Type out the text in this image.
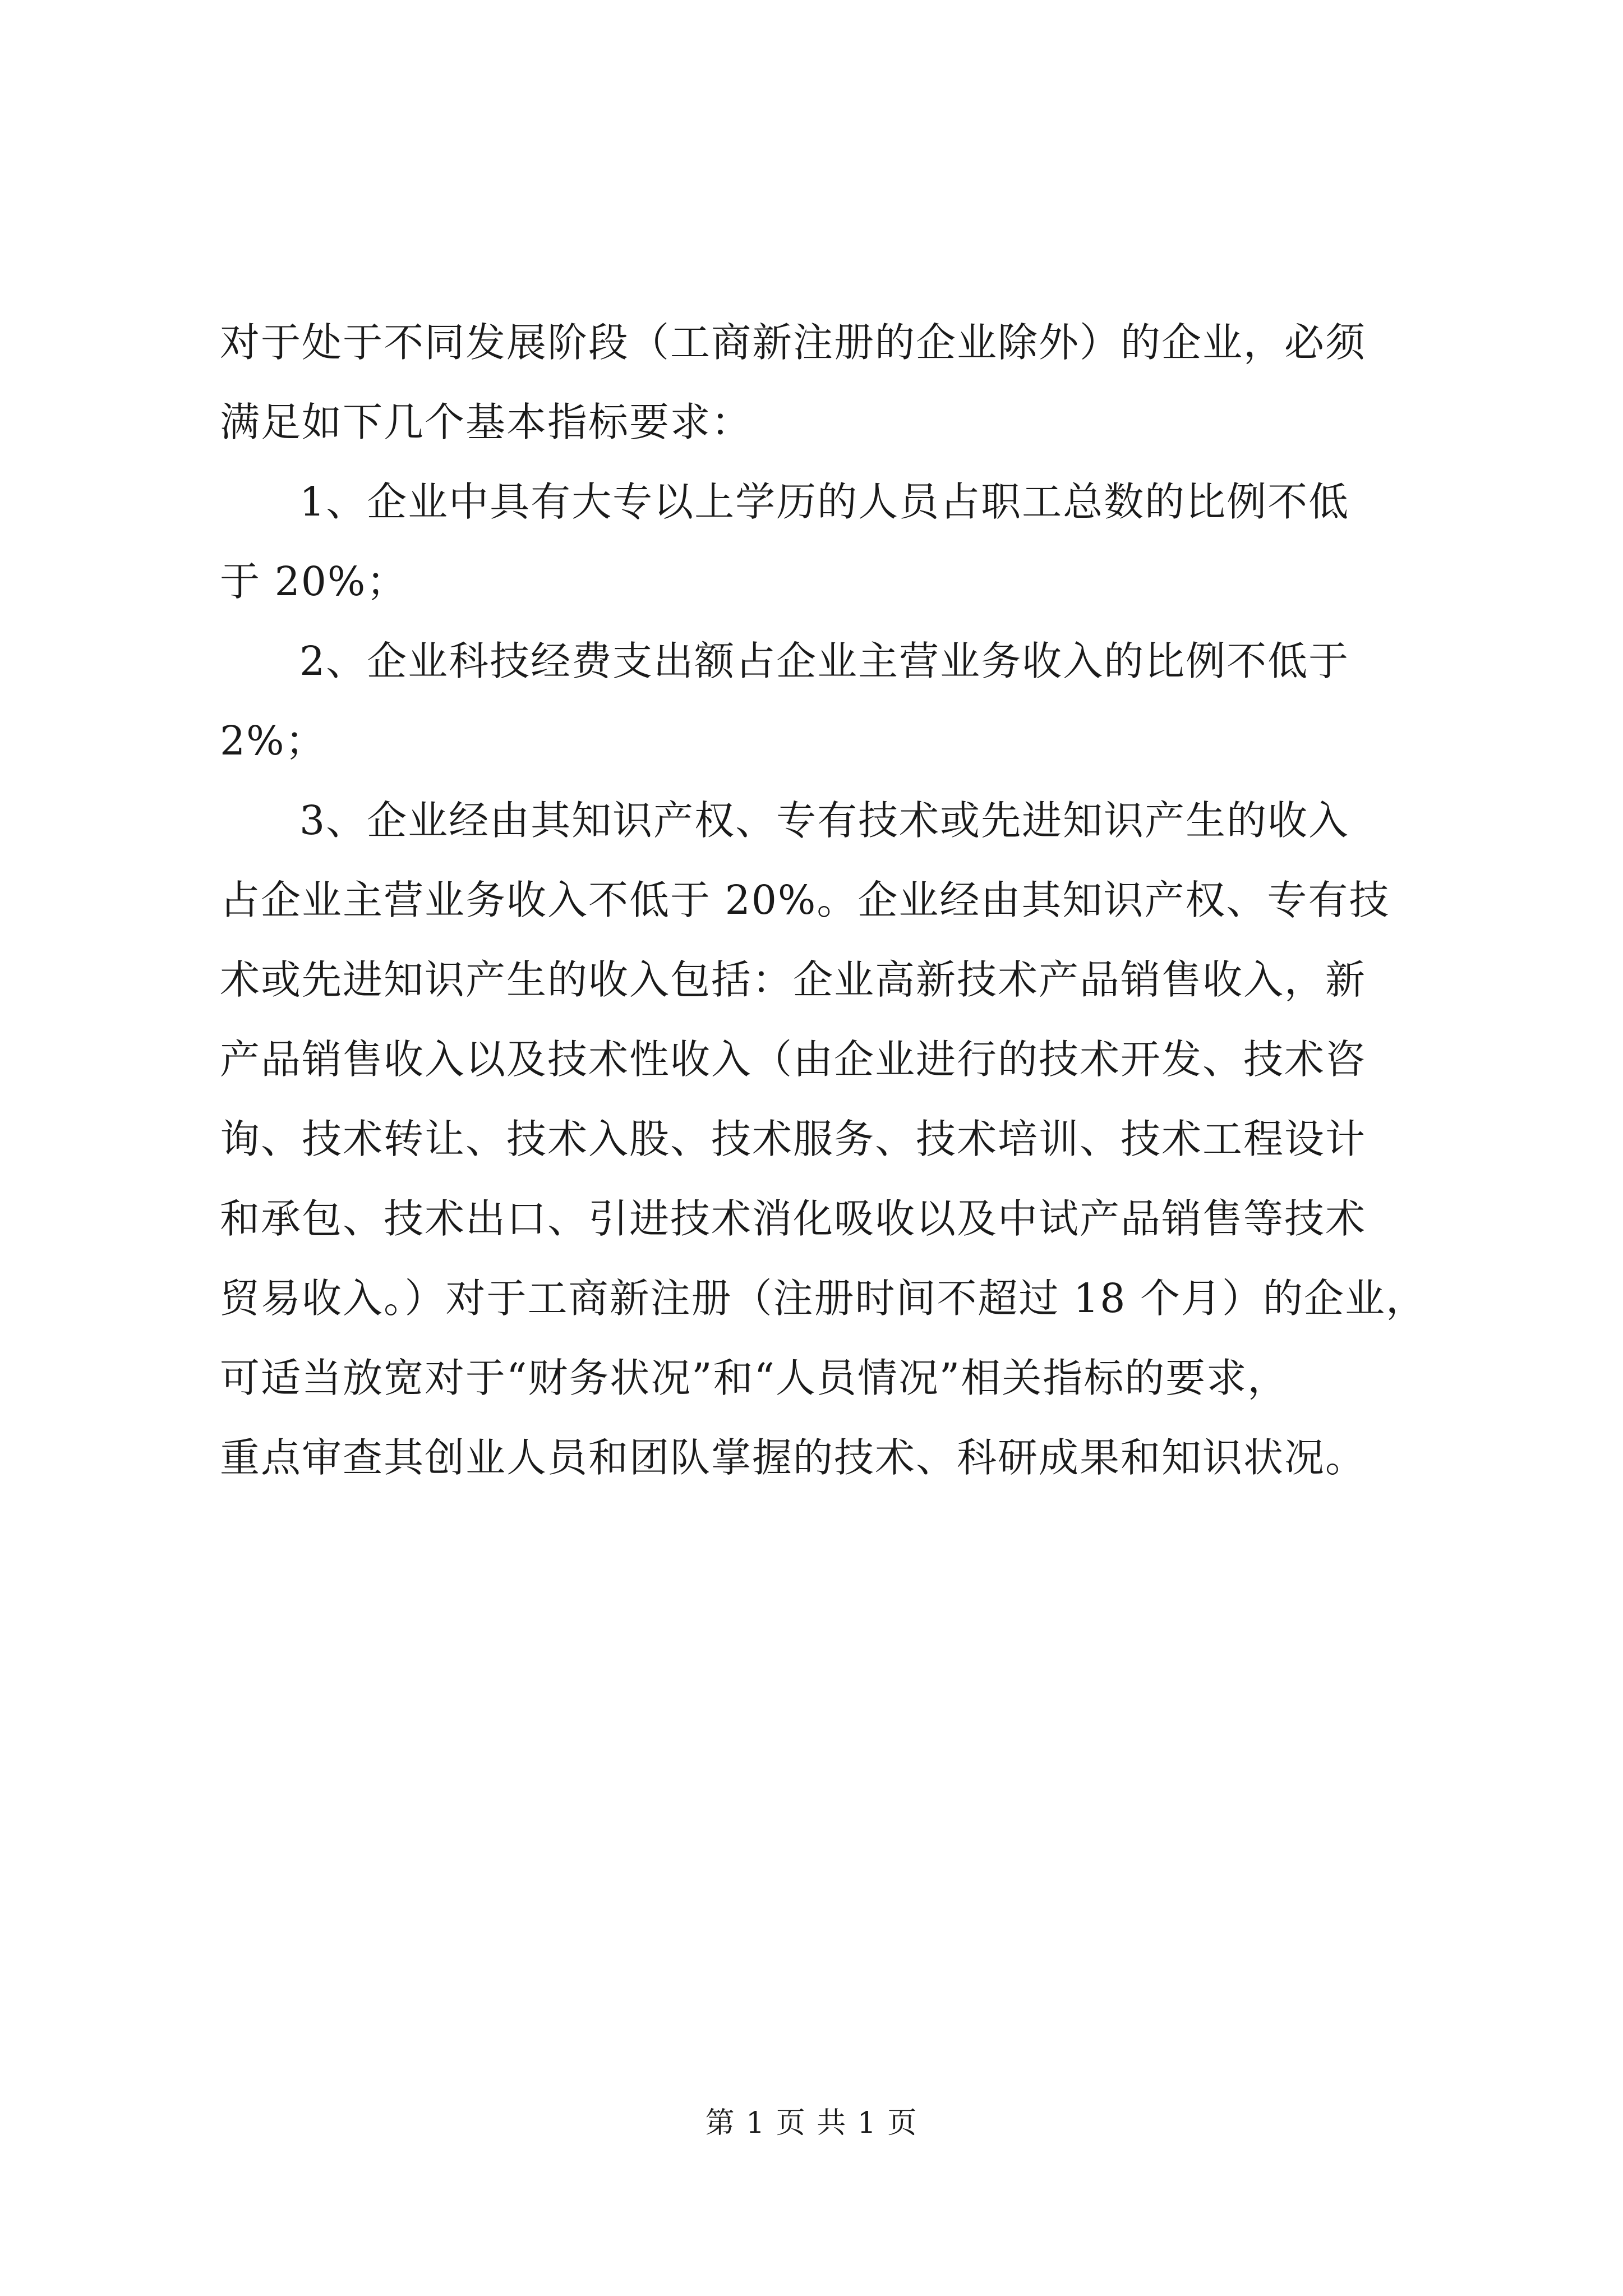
对于处于不同发展阶段（工商新注册的企业除外）的企业，必须
满足如下几个基本指标要求：
1、企业中具有大专以上学历的人员占职工总数的比例不低
于 20%；
2、企业科技经费支出额占企业主营业务收入的比例不低于
2%；
3、企业经由其知识产权、专有技术或先进知识产生的收入
占企业主营业务收入不低于 20%。企业经由其知识产权、专有技
术或先进知识产生的收入包括：企业高新技术产品销售收入，新
产品销售收入以及技术性收入（由企业进行的技术开发、技术咨
询、技术转让、技术入股、技术服务、技术培训、技术工程设计
和承包、技术出口、引进技术消化吸收以及中试产品销售等技术
贸易收入。）对于工商新注册（注册时间不超过 18 个月）的企业，
可适当放宽对于“财务状况”和“人员情况”相关指标的要求，
重点审查其创业人员和团队掌握的技术、科研成果和知识状况。
第 1 页 共 1 页
